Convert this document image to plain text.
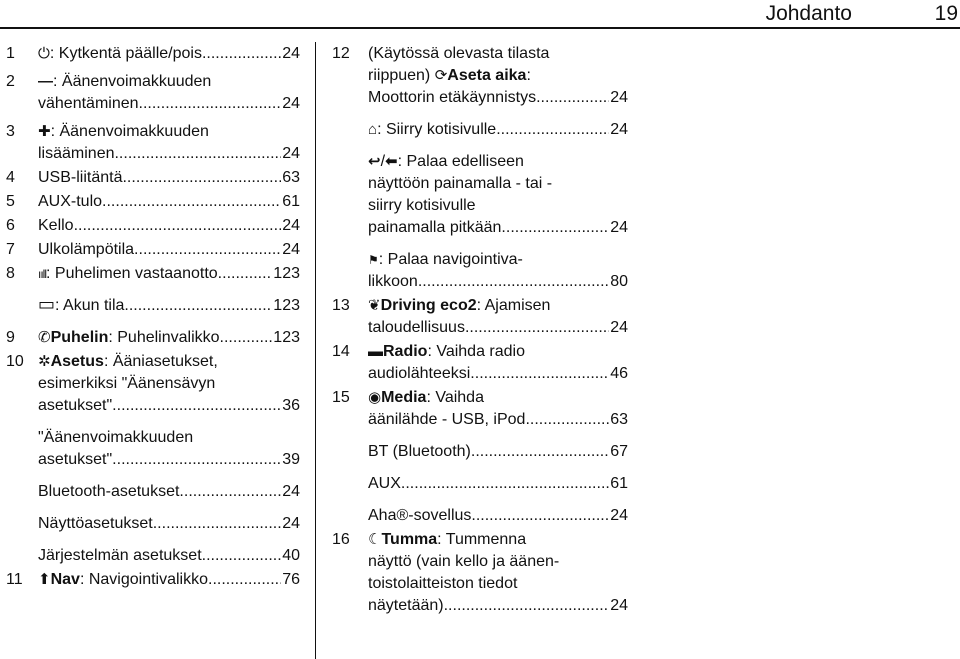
Johdanto	19
1 ⏻: Kytkentä päälle/pois .....	24
2 —: Äänenvoimakkuuden
vähentäminen .....	24
3 ✚: Äänenvoimakkuuden
lisääminen .....	24
4 USB-liitäntä .....	63
5 AUX-tulo .....	61
6 Kello .....	24
7 Ulkolämpötila .....	24
8 ııll: Puhelimen vastaanotto .....	123
▭: Akun tila .....	123
9 ✆Puhelin: Puhelinvalikko .....	123
10 ✲Asetus: Ääniasetukset,
esimerkiksi "Äänensävyn
asetukset" .....	36
"Äänenvoimakkuuden
asetukset" .....	39
Bluetooth-asetukset .....	24
Näyttöasetukset .....	24
Järjestelmän asetukset .....	40
11 ⬆Nav: Navigointivalikko .....	76
12 (Käytössä olevasta tilasta
riippuen) ⟳Aseta aika:
Moottorin etäkäynnistys .....	24
⌂: Siirry kotisivulle .....	24
↩/⬅: Palaa edelliseen
näyttöön painamalla - tai -
siirry kotisivulle
painamalla pitkään .....	24
⚑: Palaa navigointiva-
likkoon .....	80
13 ❦Driving eco2: Ajamisen
taloudellisuus .....	24
14 ▬Radio: Vaihda radio
audiolähteeksi .....	46
15 ◉Media: Vaihda
äänilähde - USB, iPod .....	63
BT (Bluetooth) .....	67
AUX .....	61
Aha®-sovellus .....	24
16 ☾Tumma: Tummenna
näyttö (vain kello ja äänen-
toistolaitteiston tiedot
näytetään) .....	24
